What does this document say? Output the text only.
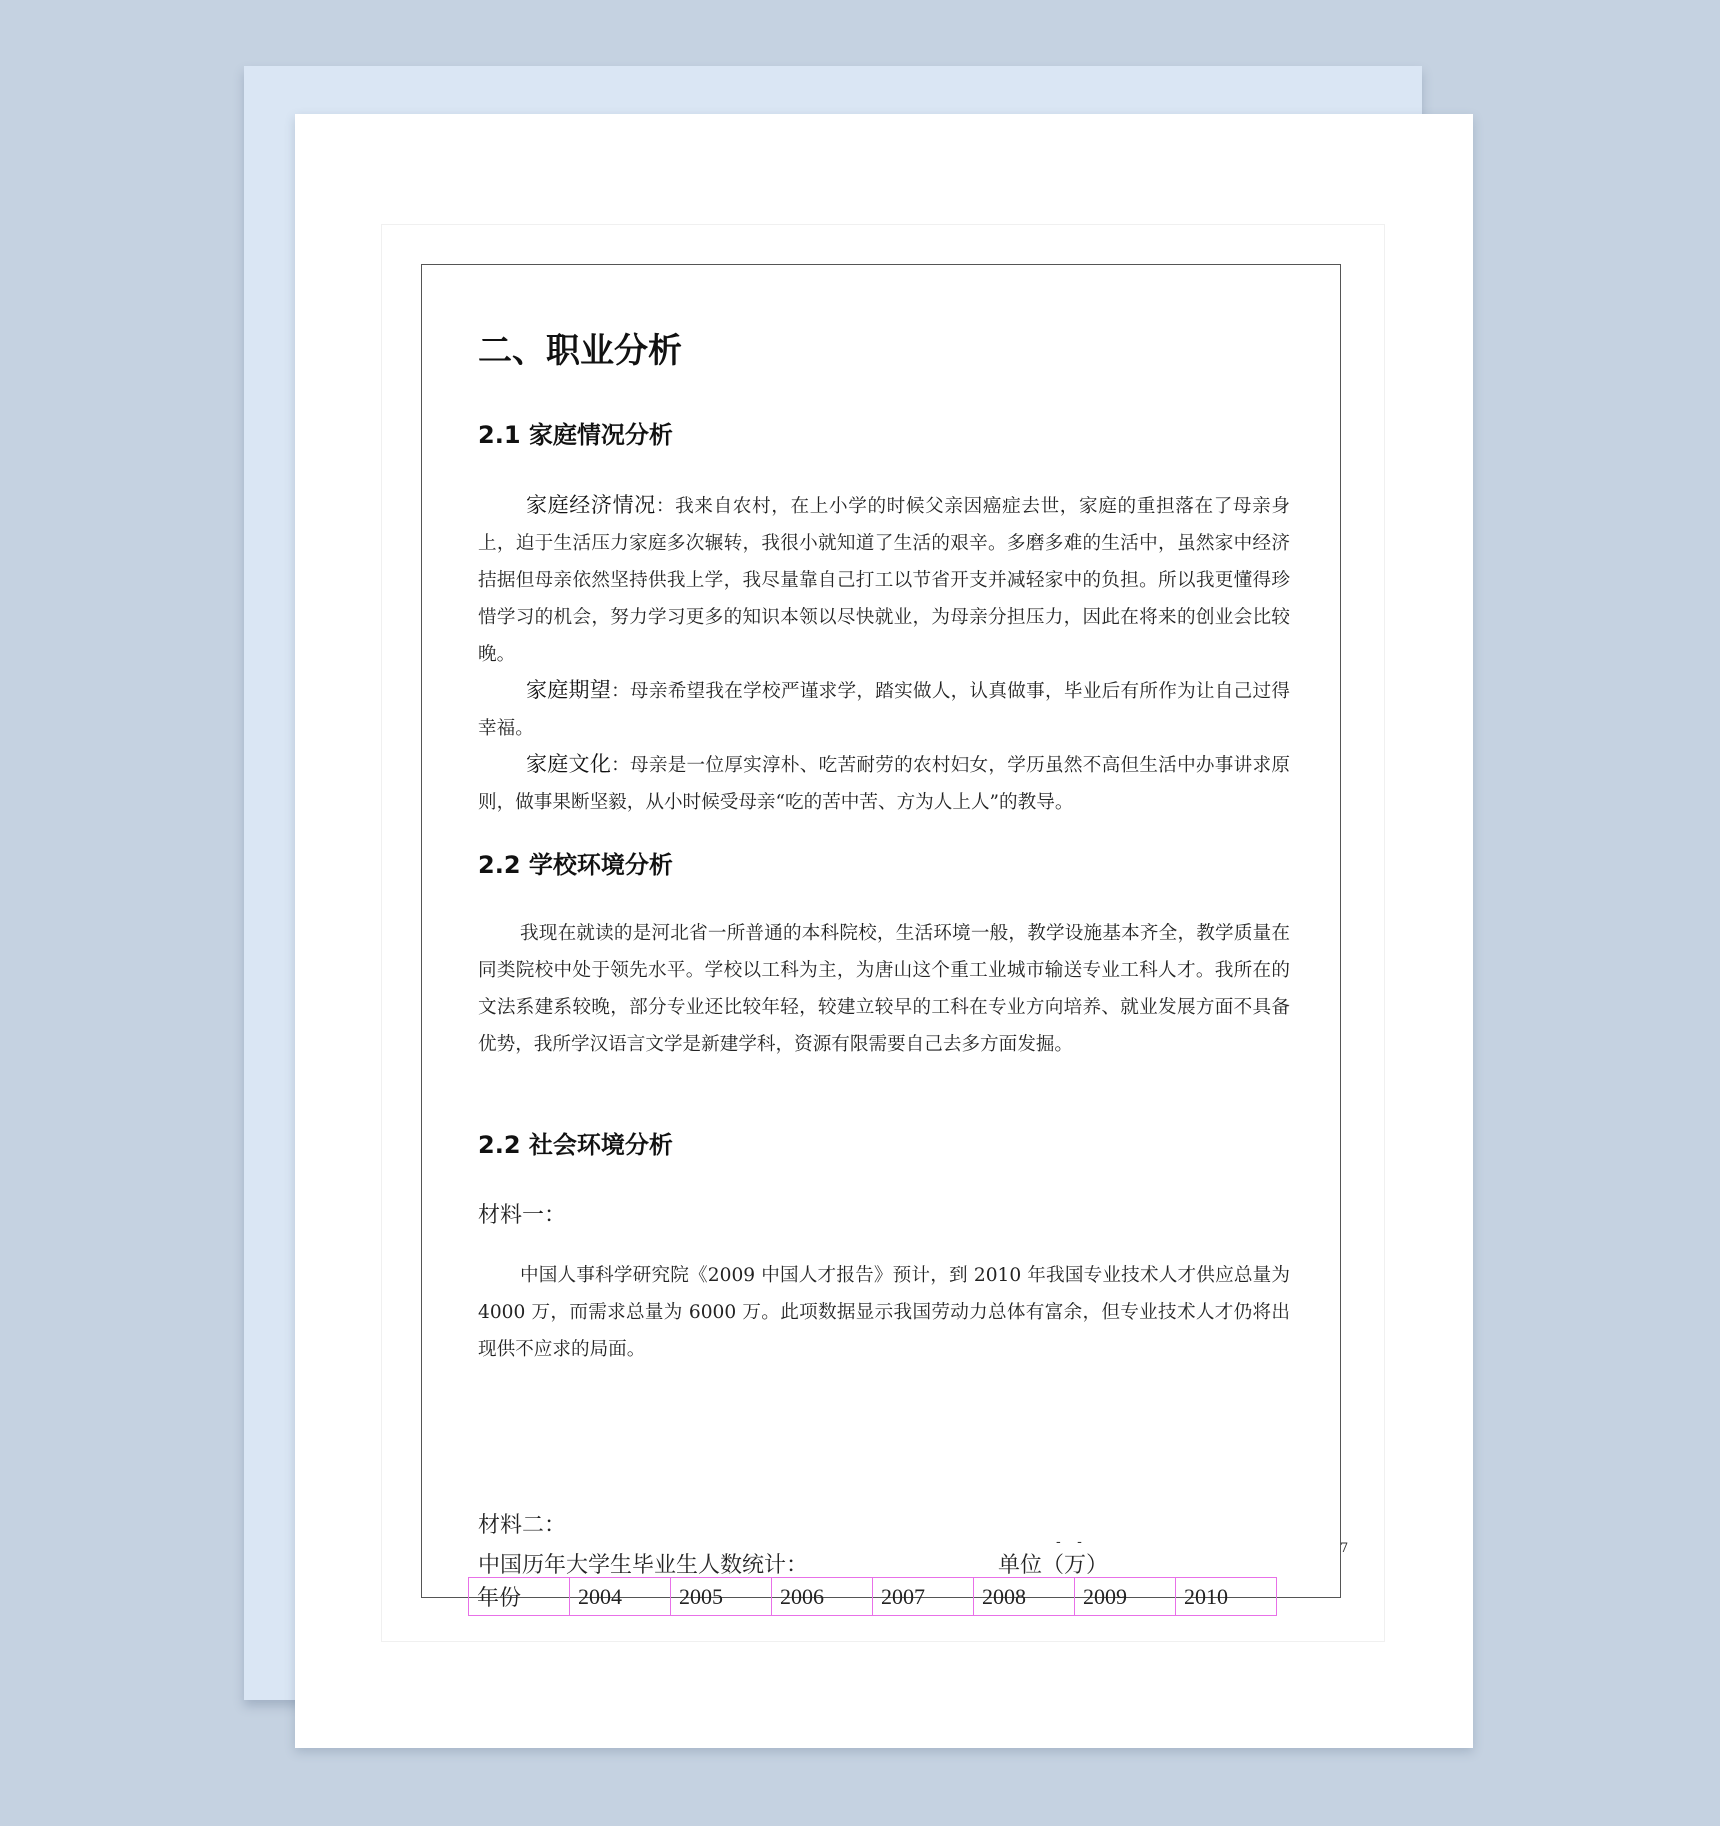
二、职业分析
2.1 家庭情况分析

家庭经济情况：我来自农村，在上小学的时候父亲因癌症去世，家庭的重担落在了母亲身上，迫于生活压力家庭多次辗转，我很小就知道了生活的艰辛。多磨多难的生活中，虽然家中经济拮据但母亲依然坚持供我上学，我尽量靠自己打工以节省开支并减轻家中的负担。所以我更懂得珍惜学习的机会，努力学习更多的知识本领以尽快就业，为母亲分担压力，因此在将来的创业会比较晚。

家庭期望：母亲希望我在学校严谨求学，踏实做人，认真做事，毕业后有所作为让自己过得幸福。

家庭文化：母亲是一位厚实淳朴、吃苦耐劳的农村妇女，学历虽然不高但生活中办事讲求原则，做事果断坚毅，从小时候受母亲“吃的苦中苦、方为人上人”的教导。

2.2 学校环境分析

我现在就读的是河北省一所普通的本科院校，生活环境一般，教学设施基本齐全，教学质量在同类院校中处于领先水平。学校以工科为主，为唐山这个重工业城市输送专业工科人才。我所在的文法系建系较晚，部分专业还比较年轻，较建立较早的工科在专业方向培养、就业发展方面不具备优势，我所学汉语言文学是新建学科，资源有限需要自己去多方面发掘。

2.2 社会环境分析
材料一：

中国人事科学研究院《2009 中国人才报告》预计，到 2010 年我国专业技术人才供应总量为 4000 万，而需求总量为 6000 万。此项数据显示我国劳动力总体有富余，但专业技术人才仍将出现供不应求的局面。

材料二：
中国历年大学生毕业生人数统计：	单位（万）
年份	2004	2005	2006	2007	2008	2009	2010
- -	7
